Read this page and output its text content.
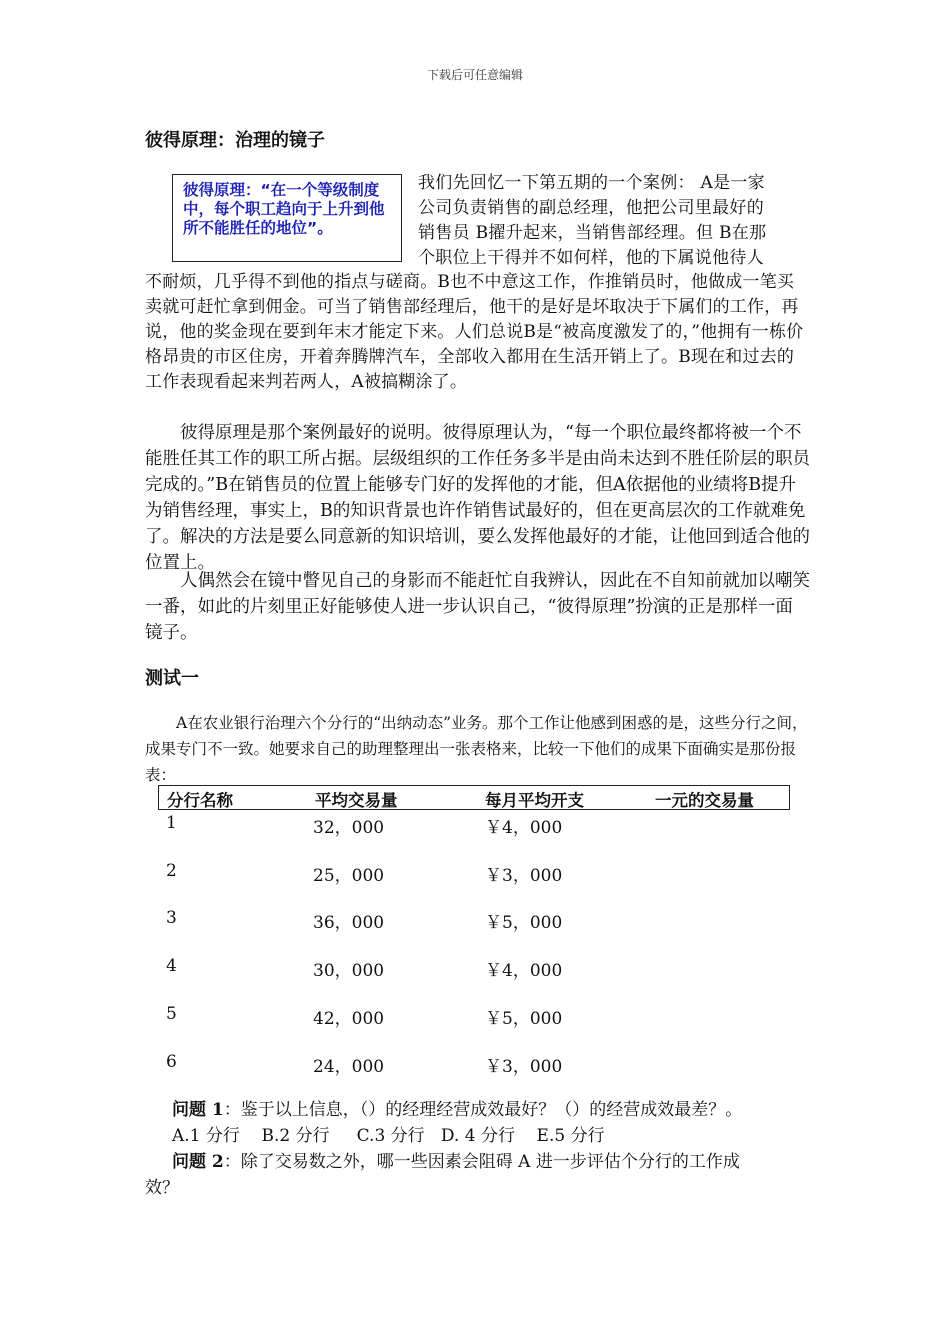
下载后可任意编辑
彼得原理：治理的镜子
彼得原理：“在一个等级制度中，每个职工趋向于上升到他所不能胜任的地位”。
我们先回忆一下第五期的一个案例： A是一家
公司负责销售的副总经理，他把公司里最好的
销售员 B擢升起来，当销售部经理。但 B在那
个职位上干得并不如何样，他的下属说他待人
不耐烦，几乎得不到他的指点与磋商。B也不中意这工作，作推销员时，他做成一笔买卖就可赶忙拿到佣金。可当了销售部经理后，他干的是好是坏取决于下属们的工作，再说，他的奖金现在要到年末才能定下来。人们总说B是“被高度激发了的，”他拥有一栋价格昂贵的市区住房，开着奔腾牌汽车，全部收入都用在生活开销上了。B现在和过去的工作表现看起来判若两人，A被搞糊涂了。
彼得原理是那个案例最好的说明。彼得原理认为，“每一个职位最终都将被一个不能胜任其工作的职工所占据。层级组织的工作任务多半是由尚未达到不胜任阶层的职员完成的。”B在销售员的位置上能够专门好的发挥他的才能，但A依据他的业绩将B提升为销售经理，事实上，B的知识背景也许作销售试最好的，但在更高层次的工作就难免了。解决的方法是要么同意新的知识培训，要么发挥他最好的才能，让他回到适合他的位置上。
人偶然会在镜中瞥见自己的身影而不能赶忙自我辨认，因此在不自知前就加以嘲笑一番，如此的片刻里正好能够使人进一步认识自己，“彼得原理”扮演的正是那样一面镜子。
测试一
A在农业银行治理六个分行的“出纳动态”业务。那个工作让他感到困惑的是，这些分行之间，成果专门不一致。她要求自己的助理整理出一张表格来，比较一下他们的成果下面确实是那份报表：
分行名称	平均交易量	每月平均开支	一元的交易量
1	32，000	￥4，000
2	25，000	￥3，000
3	36，000	￥5，000
4	30，000	￥4，000
5	42，000	￥5，000
6	24，000	￥3，000
问题 1：鉴于以上信息，（）的经理经营成效最好？（）的经营成效最差？。
A.1 分行    B.2 分行     C.3 分行   D. 4 分行    E.5 分行
问题 2：除了交易数之外，哪一些因素会阻碍 A 进一步评估个分行的工作成
效？
